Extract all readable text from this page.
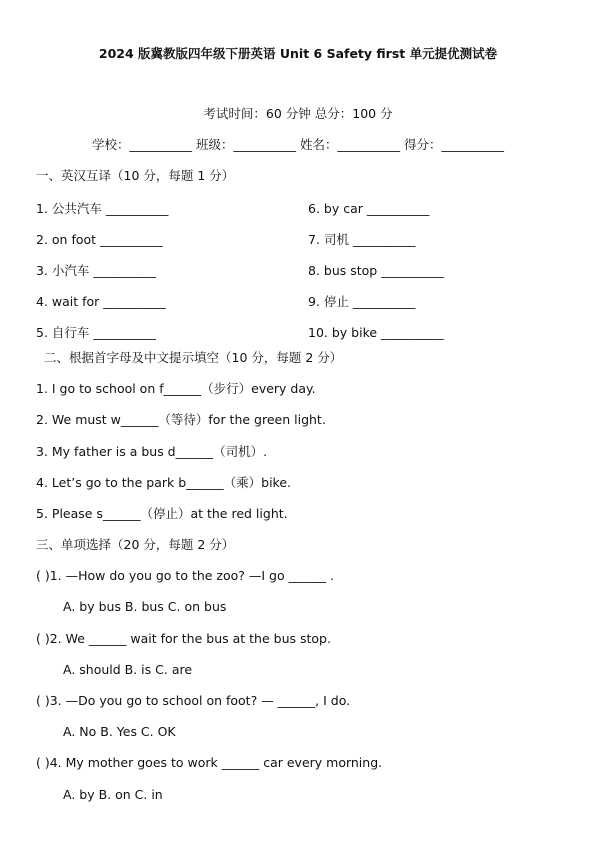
2024 版冀教版四年级下册英语 Unit 6 Safety first 单元提优测试卷
考试时间：60 分钟 总分：100 分
学校：__________ 班级：__________ 姓名：__________ 得分：__________
一、英汉互译（10 分，每题 1 分）
1. 公共汽车 __________
2. on foot __________
3. 小汽车 __________
4. wait for __________
5. 自行车 __________
6. by car __________
7. 司机 __________
8. bus stop __________
9. 停止 __________
10. by bike __________
二、根据首字母及中文提示填空（10 分，每题 2 分）
1. I go to school on f______（步行）every day.
2. We must w______（等待）for the green light.
3. My father is a bus d______（司机）.
4. Let’s go to the park b______（乘）bike.
5. Please s______（停止）at the red light.
三、单项选择（20 分，每题 2 分）
( )1. —How do you go to the zoo? —I go ______ .
A. by bus B. bus C. on bus
( )2. We ______ wait for the bus at the bus stop.
A. should B. is C. are
( )3. —Do you go to school on foot? — ______, I do.
A. No B. Yes C. OK
( )4. My mother goes to work ______ car every morning.
A. by B. on C. in
